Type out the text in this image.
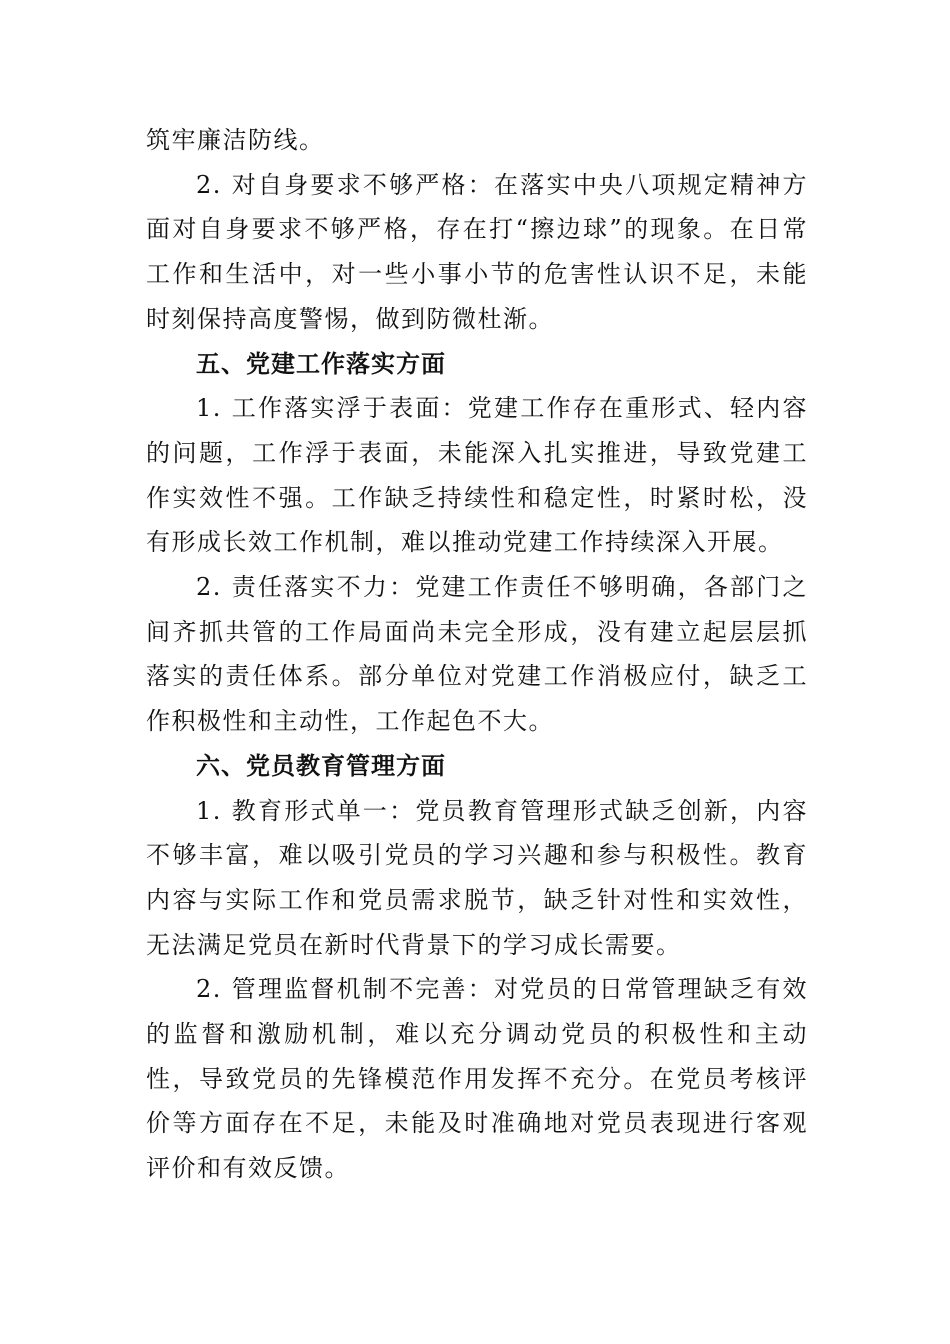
筑牢廉洁防线。

2. 对自身要求不够严格：在落实中央八项规定精神方面对自身要求不够严格，存在打“擦边球”的现象。在日常工作和生活中，对一些小事小节的危害性认识不足，未能时刻保持高度警惕，做到防微杜渐。

五、党建工作落实方面

1. 工作落实浮于表面：党建工作存在重形式、轻内容的问题，工作浮于表面，未能深入扎实推进，导致党建工作实效性不强。工作缺乏持续性和稳定性，时紧时松，没有形成长效工作机制，难以推动党建工作持续深入开展。

2. 责任落实不力：党建工作责任不够明确，各部门之间齐抓共管的工作局面尚未完全形成，没有建立起层层抓落实的责任体系。部分单位对党建工作消极应付，缺乏工作积极性和主动性，工作起色不大。

六、党员教育管理方面

1. 教育形式单一：党员教育管理形式缺乏创新，内容不够丰富，难以吸引党员的学习兴趣和参与积极性。教育内容与实际工作和党员需求脱节，缺乏针对性和实效性，无法满足党员在新时代背景下的学习成长需要。

2. 管理监督机制不完善：对党员的日常管理缺乏有效的监督和激励机制，难以充分调动党员的积极性和主动性，导致党员的先锋模范作用发挥不充分。在党员考核评价等方面存在不足，未能及时准确地对党员表现进行客观评价和有效反馈。
